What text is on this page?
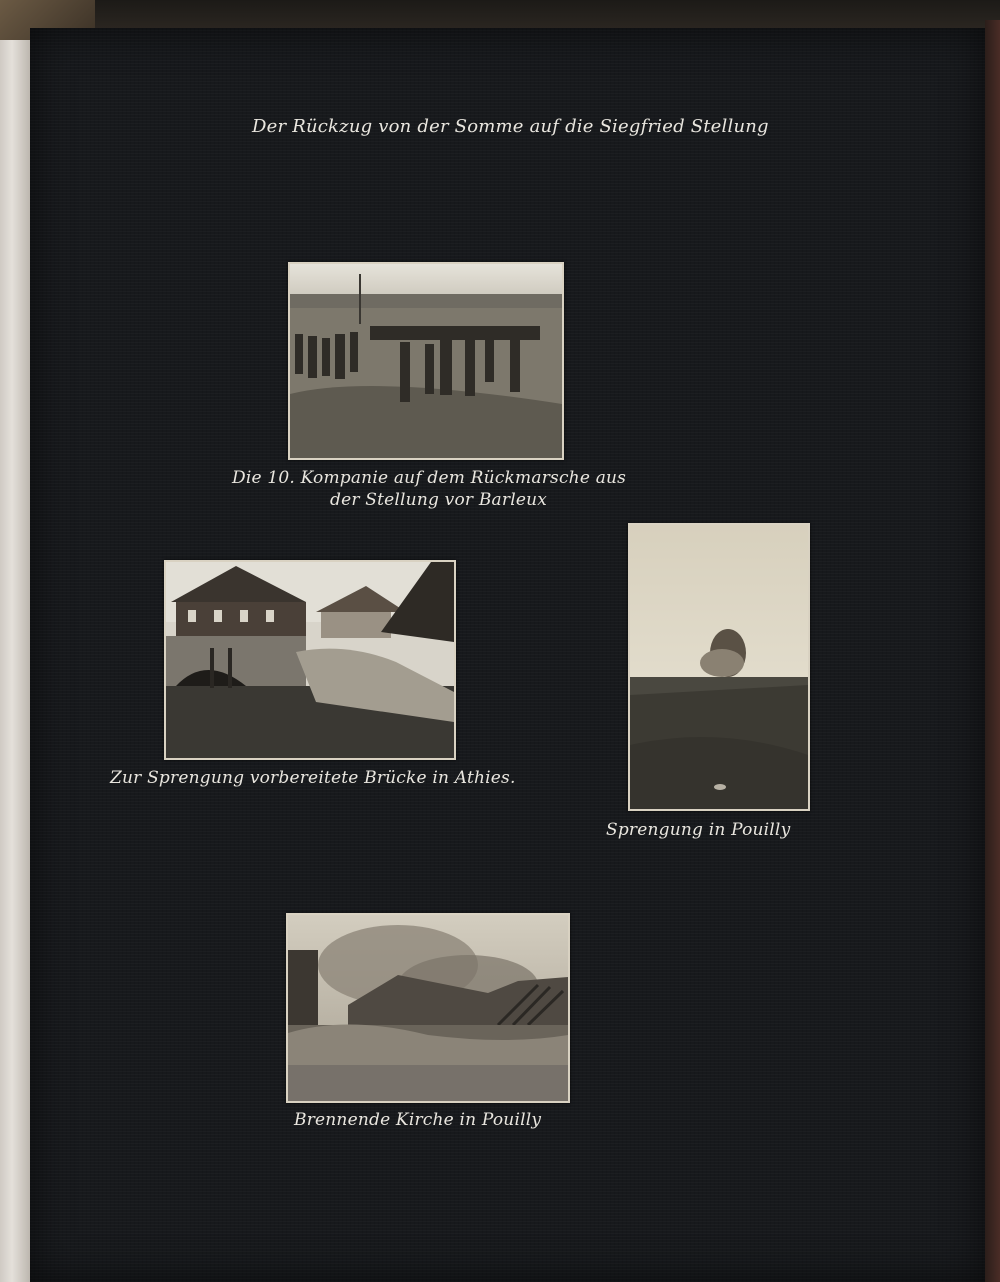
Der Rückzug von der Somme auf die Siegfried Stellung
Die 10. Kompanie auf dem Rückmarsche aus
der Stellung vor Barleux
Zur Sprengung vorbereitete Brücke in Athies.
Sprengung in Pouilly
Brennende Kirche in Pouilly
